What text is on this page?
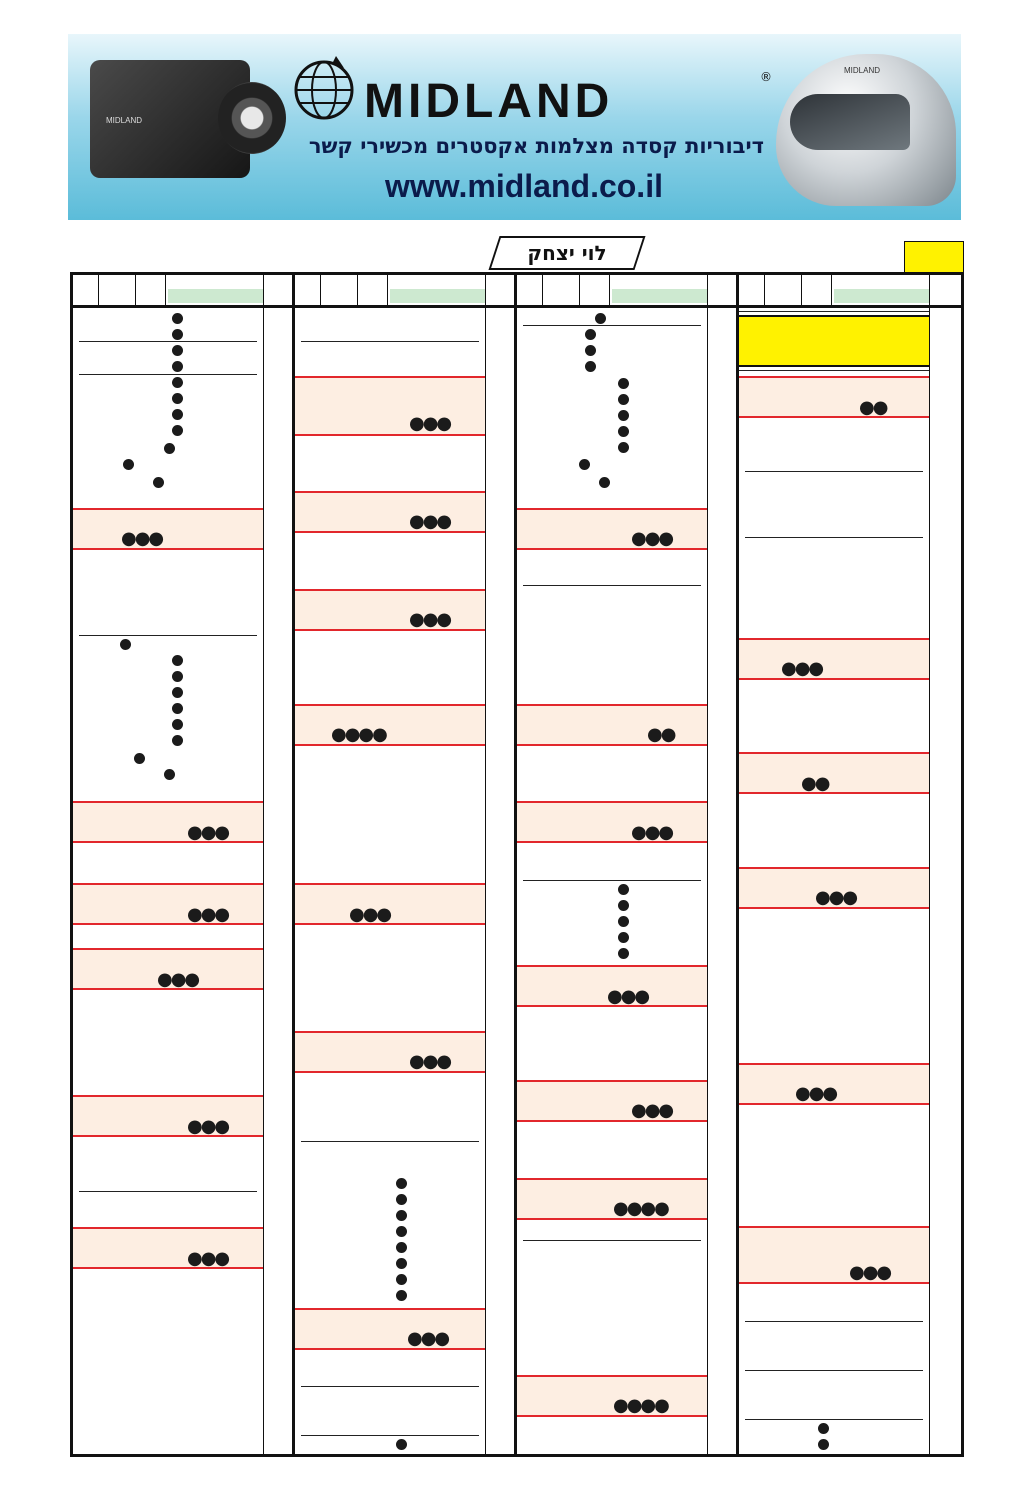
MIDLAND	MIDLAND	®
דיבוריות קסדה מצלמות אקסטרים מכשירי קשר
www.midland.co.il
MIDLAND
לוי יצחק
●●●
●●●
●●●
●●●
●●●
●●●
●●●
●●●
●●●
●●●●
●●●
●●●
●●●
●●●
●●
●●●
●●●
●●●
●●●●
●●●●
●●
●●●
●●
●●●
●●●
●●●
